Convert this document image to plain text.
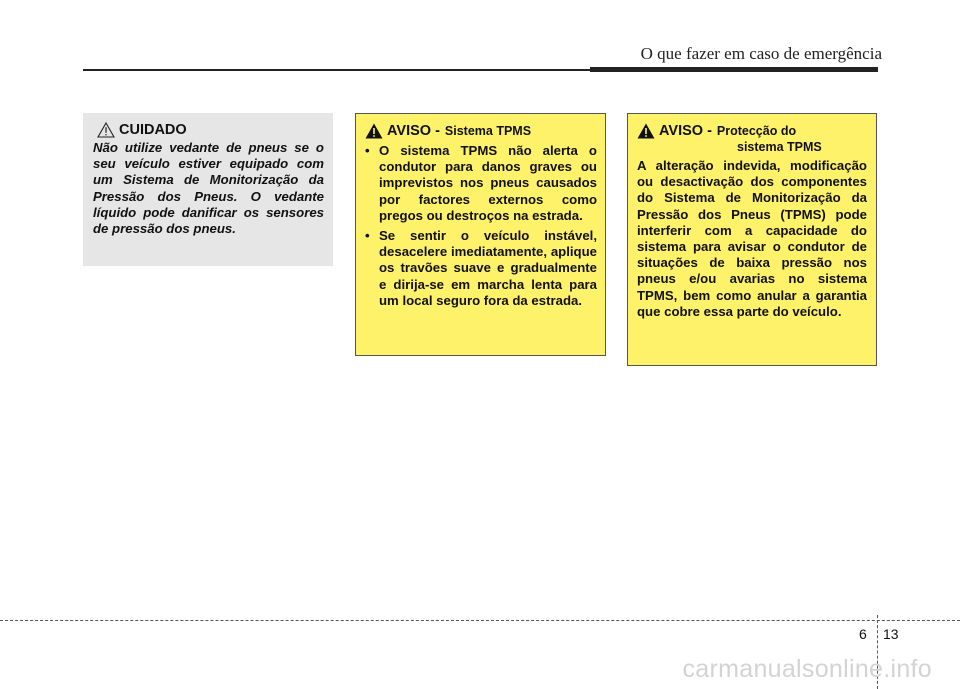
O que fazer em caso de emergência
CUIDADO
Não utilize vedante de pneus se o seu veículo estiver equipado com um Sistema de Monitorização da Pressão dos Pneus. O vedante líquido pode danificar os sensores de pressão dos pneus.
AVISO - Sistema TPMS
• O sistema TPMS não alerta o condutor para danos graves ou imprevistos nos pneus causados por factores externos como pregos ou destroços na estrada.
• Se sentir o veículo instável, desacelere imediatamente, aplique os travões suave e gradualmente e dirija-se em marcha lenta para um local seguro fora da estrada.
AVISO - Protecção do
sistema TPMS
A alteração indevida, modificação ou desactivação dos componentes do Sistema de Monitorização da Pressão dos Pneus (TPMS) pode interferir com a capacidade do sistema para avisar o condutor de situações de baixa pressão nos pneus e/ou avarias no sistema TPMS, bem como anular a garantia que cobre essa parte do veículo.
6 13
carmanualsonline.info
